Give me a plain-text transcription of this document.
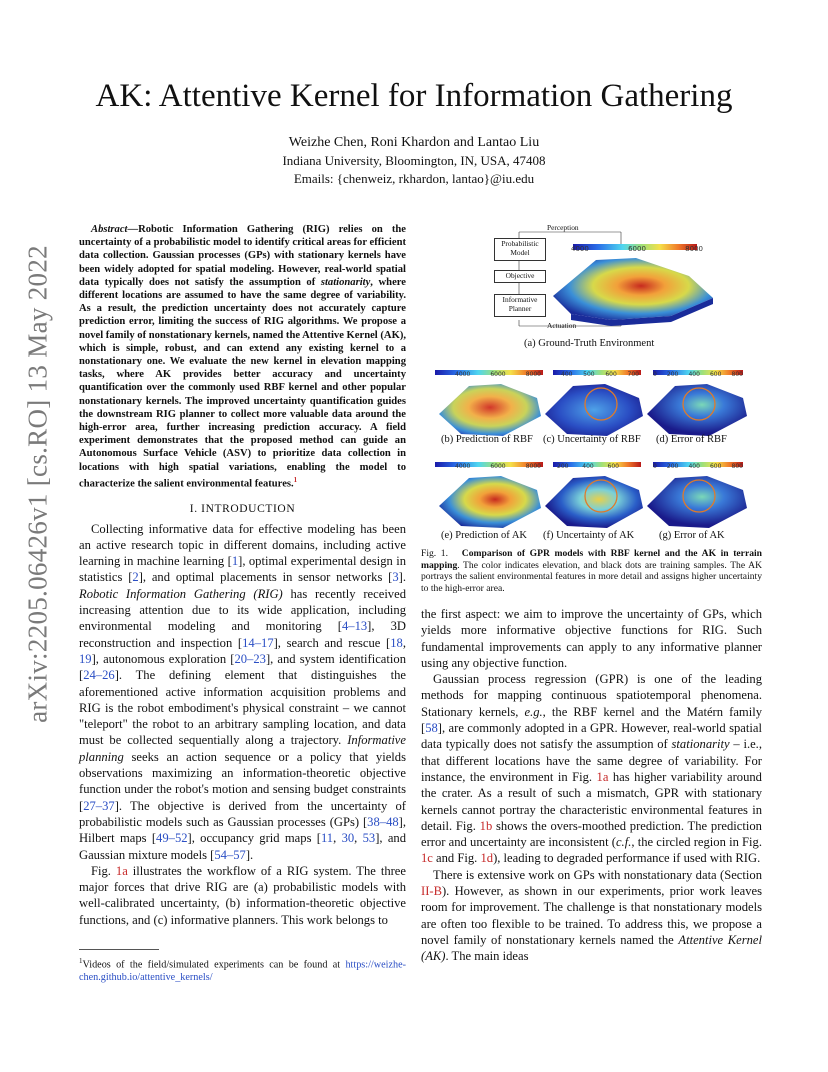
arXiv:2205.06426v1 [cs.RO] 13 May 2022
AK: Attentive Kernel for Information Gathering
Weizhe Chen, Roni Khardon and Lantao Liu
Indiana University, Bloomington, IN, USA, 47408
Emails: {chenweiz, rkhardon, lantao}@iu.edu

Abstract—Robotic Information Gathering (RIG) relies on the uncertainty of a probabilistic model to identify critical areas for efficient data collection. Gaussian processes (GPs) with stationary kernels have been widely adopted for spatial modeling. However, real-world spatial data typically does not satisfy the assumption of stationarity, where different locations are assumed to have the same degree of variability. As a result, the prediction uncertainty does not accurately capture prediction error, limiting the success of RIG algorithms. We propose a novel family of nonstationary kernels, named the Attentive Kernel (AK), which is simple, robust, and can extend any existing kernel to a nonstationary one. We evaluate the new kernel in elevation mapping tasks, where AK provides better accuracy and uncertainty quantification over the commonly used RBF kernel and other popular nonstationary kernels. The improved uncertainty quantification guides the downstream RIG planner to collect more valuable data around the high-error area, further increasing prediction accuracy. A field experiment demonstrates that the proposed method can guide an Autonomous Surface Vehicle (ASV) to prioritize data collection in locations with high spatial variations, enabling the model to characterize the salient environmental features.$^1$

I. INTRODUCTION

Collecting informative data for effective modeling has been an active research topic in different domains, including active learning in machine learning [1], optimal experimental design in statistics [2], and optimal placements in sensor networks [3]. Robotic Information Gathering (RIG) has recently received increasing attention due to its wide application, including environmental modeling and monitoring [4–13], 3D reconstruction and inspection [14–17], search and rescue [18, 19], autonomous exploration [20–23], and system identification [24–26]. The defining element that distinguishes the aforementioned active information acquisition problems and RIG is the robot embodiment's physical constraint – we cannot "teleport" the robot to an arbitrary sampling location, and data must be collected sequentially along a trajectory. Informative planning seeks an action sequence or a policy that yields observations maximizing an information-theoretic objective function under the robot's motion and sensing budget constraints [27–37]. The objective is derived from the uncertainty of probabilistic models such as Gaussian processes (GPs) [38–48], Hilbert maps [49–52], occupancy grid maps [11, 30, 53], and Gaussian mixture models [54–57].

Fig. 1a illustrates the workflow of a RIG system. The three major forces that drive RIG are (a) probabilistic models with well-calibrated uncertainty, (b) information-theoretic objective functions, and (c) informative planners. This work belongs to

$^1$Videos of the field/simulated experiments can be found at https://weizhe-chen.github.io/attentive_kernels/
Perception
Probabilistic
Model
Objective
Informative
Planner
Actuation
4000	6000	8000
4000	6000	8000	400 500 600 700 0 200 400 600 800
4000	6000	8000	200 400 600	0 200 400 600 800
(a) Ground-Truth Environment
(b) Prediction of RBF (c) Uncertainty of RBF (d) Error of RBF
(e) Prediction of AK (f) Uncertainty of AK (g) Error of AK
Fig. 1. Comparison of GPR models with RBF kernel and the AK in terrain mapping. The color indicates elevation, and black dots are training samples. The AK portrays the salient environmental features in more detail and assigns higher uncertainty to the high-error area.

the first aspect: we aim to improve the uncertainty of GPs, which yields more informative objective functions for RIG. Such fundamental improvements can apply to any informative planner using any objective function.

Gaussian process regression (GPR) is one of the leading methods for mapping continuous spatiotemporal phenomena. Stationary kernels, e.g., the RBF kernel and the Matérn family [58], are commonly adopted in a GPR. However, real-world spatial data typically does not satisfy the assumption of stationarity – i.e., that different locations have the same degree of variability. For instance, the environment in Fig. 1a has higher variability around the crater. As a result of such a mismatch, GPR with stationary kernels cannot portray the characteristic environmental features in detail. Fig. 1b shows the overs-moothed prediction. The prediction error and uncertainty are inconsistent (c.f., the circled region in Fig. 1c and Fig. 1d), leading to degraded performance if used with RIG.

There is extensive work on GPs with nonstationary data (Section II-B). However, as shown in our experiments, prior work leaves room for improvement. The challenge is that nonstationary models are often too flexible to be trained. To address this, we propose a novel family of nonstationary kernels named the Attentive Kernel (AK). The main ideas
